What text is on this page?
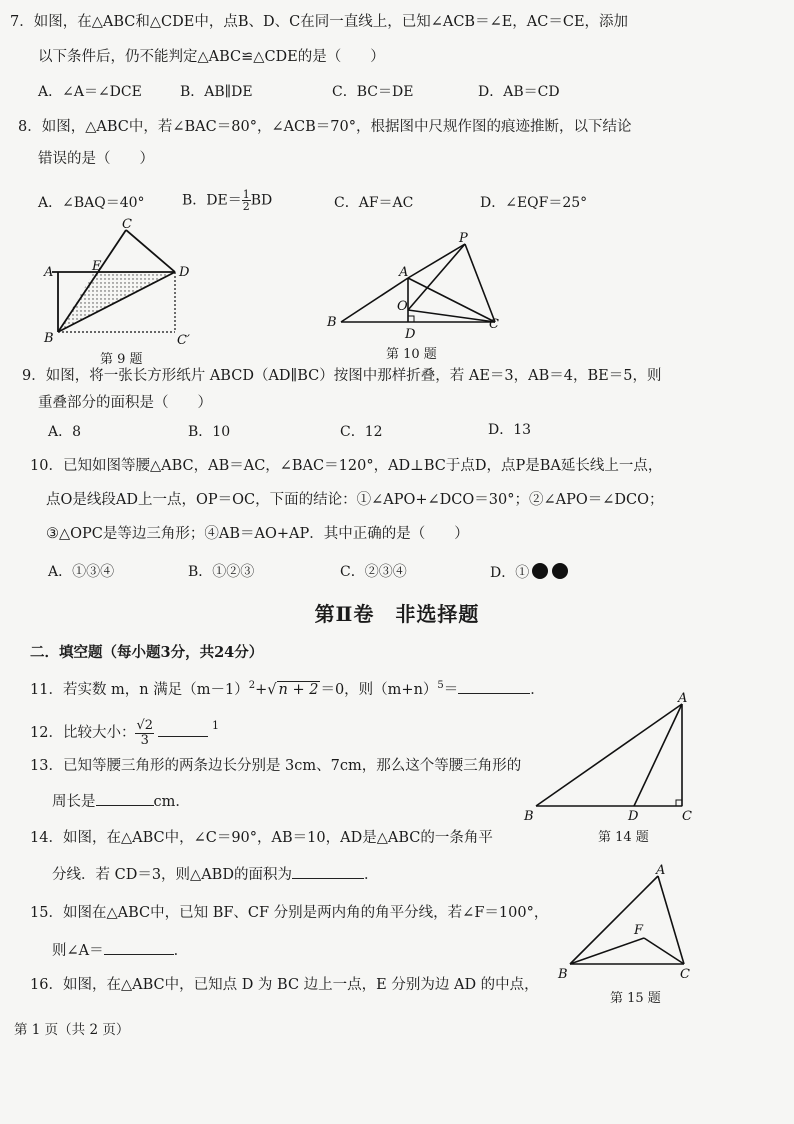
7．如图，在△ABC和△CDE中，点B、D、C在同一直线上，已知∠ACB＝∠E，AC＝CE，添加
以下条件后，仍不能判定△ABC≌△CDE的是（　　）
A．∠A＝∠DCE	B．AB∥DE	C．BC＝DE	D．AB＝CD
8．如图，△ABC中，若∠BAC＝80°，∠ACB＝70°，根据图中尺规作图的痕迹推断，以下结论
错误的是（　　）
A．∠BAQ＝40°	B．$DE= \frac{1}{2}$ BD	C．AF＝AC	D．∠EQF＝25°
C
A	E	D
B	C′
第 9 题
P
A
O
B
D
C
第 10 题
9．如图，将一张长方形纸片 ABCD（AD∥BC）按图中那样折叠，若 AE＝3，AB＝4，BE＝5，则
重叠部分的面积是（　　）
A．8	B．10	C．12	D．13
10．已知如图等腰△ABC，AB＝AC，∠BAC＝120°，AD⊥BC于点D，点P是BA延长线上一点，
点O是线段AD上一点，OP＝OC，下面的结论：①∠APO+∠DCO＝30°；②∠APO＝∠DCO；
③△OPC是等边三角形；④AB＝AO+AP．其中正确的是（　　）
A．①③④	B．①②③	C．②③④	D．①
第Ⅱ卷　非选择题
二．填空题（每小题3分，共24分）
11．若实数 m，n 满足$(m-1)^2+√$ n + 2 ＝0，则$(m+n)^5=$	．
12．比较大小： $\frac{√2}{3}$	$^1$
13．已知等腰三角形的两条边长分别是 3cm、7cm，那么这个等腰三角形的
周长是	cm．
A
B	D	C
第 14 题
14．如图，在△ABC中，∠C＝90°，AB＝10，AD是△ABC的一条角平
分线．若 CD＝3，则△ABD的面积为	．
15．如图在△ABC中，已知 BF、CF 分别是两内角的角平分线，若∠F＝100°，
则∠A＝	．
A
F
B	C
第 15 题
16．如图，在△ABC中，已知点 D 为 BC 边上一点，E 分别为边 AD 的中点，
第 1 页（共 2 页）
